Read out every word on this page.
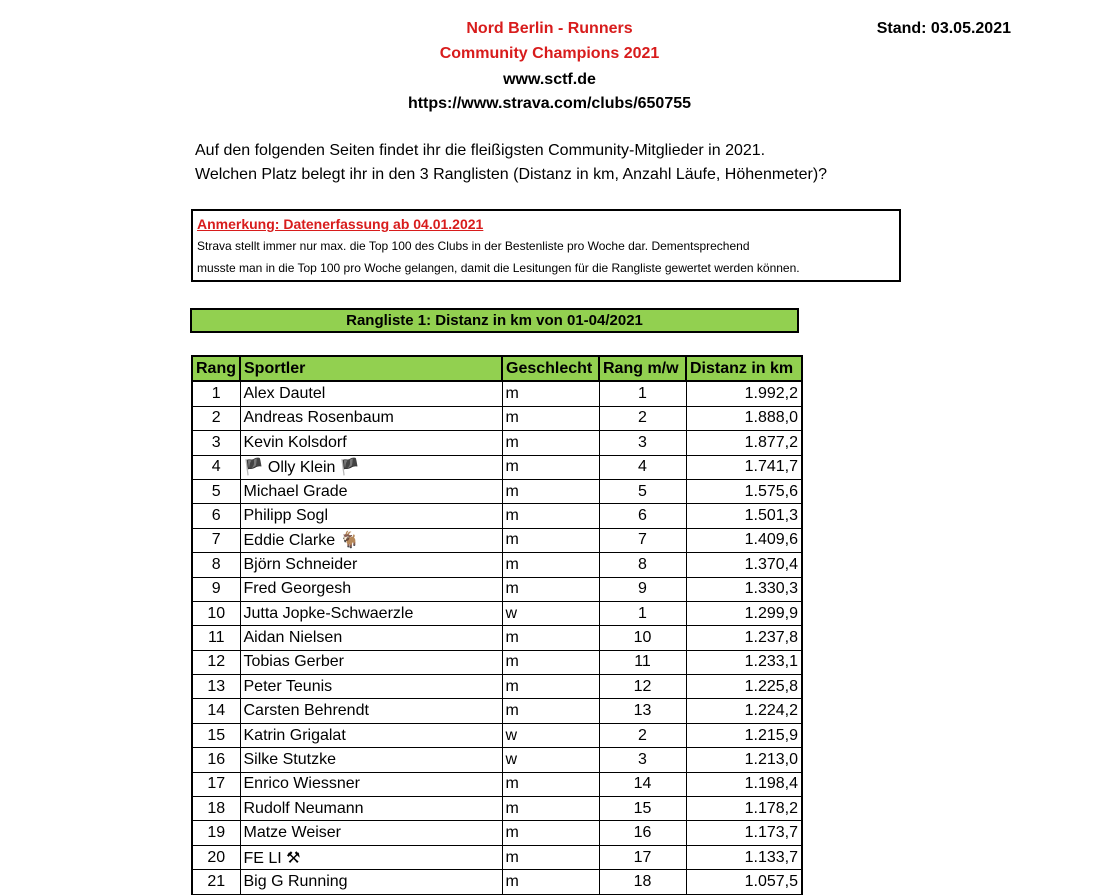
Nord Berlin - Runners
Community Champions 2021
www.sctf.de
https://www.strava.com/clubs/650755
Stand: 03.05.2021
Auf den folgenden Seiten findet ihr die fleißigsten Community-Mitglieder in 2021.
Welchen Platz belegt ihr in den 3 Ranglisten (Distanz in km, Anzahl Läufe, Höhenmeter)?
Anmerkung: Datenerfassung ab 04.01.2021
Strava stellt immer nur max. die Top 100 des Clubs in der Bestenliste pro Woche dar. Dementsprechend
musste man in die Top 100 pro Woche gelangen, damit die Lesitungen für die Rangliste gewertet werden können.
Rangliste 1: Distanz in km von 01-04/2021
Rang	Sportler	Geschlecht	Rang m/w	Distanz in km
1	Alex Dautel	m	1	1.992,2
2	Andreas Rosenbaum	m	2	1.888,0
3	Kevin Kolsdorf	m	3	1.877,2
4	🏴 Olly Klein 🏴	m	4	1.741,7
5	Michael Grade	m	5	1.575,6
6	Philipp Sogl	m	6	1.501,3
7	Eddie Clarke 🐐	m	7	1.409,6
8	Björn Schneider	m	8	1.370,4
9	Fred Georgesh	m	9	1.330,3
10	Jutta Jopke-Schwaerzle	w	1	1.299,9
11	Aidan Nielsen	m	10	1.237,8
12	Tobias Gerber	m	11	1.233,1
13	Peter Teunis	m	12	1.225,8
14	Carsten Behrendt	m	13	1.224,2
15	Katrin Grigalat	w	2	1.215,9
16	Silke Stutzke	w	3	1.213,0
17	Enrico Wiessner	m	14	1.198,4
18	Rudolf Neumann	m	15	1.178,2
19	Matze Weiser	m	16	1.173,7
20	FE LI ⚒	m	17	1.133,7
21	Big G Running	m	18	1.057,5
